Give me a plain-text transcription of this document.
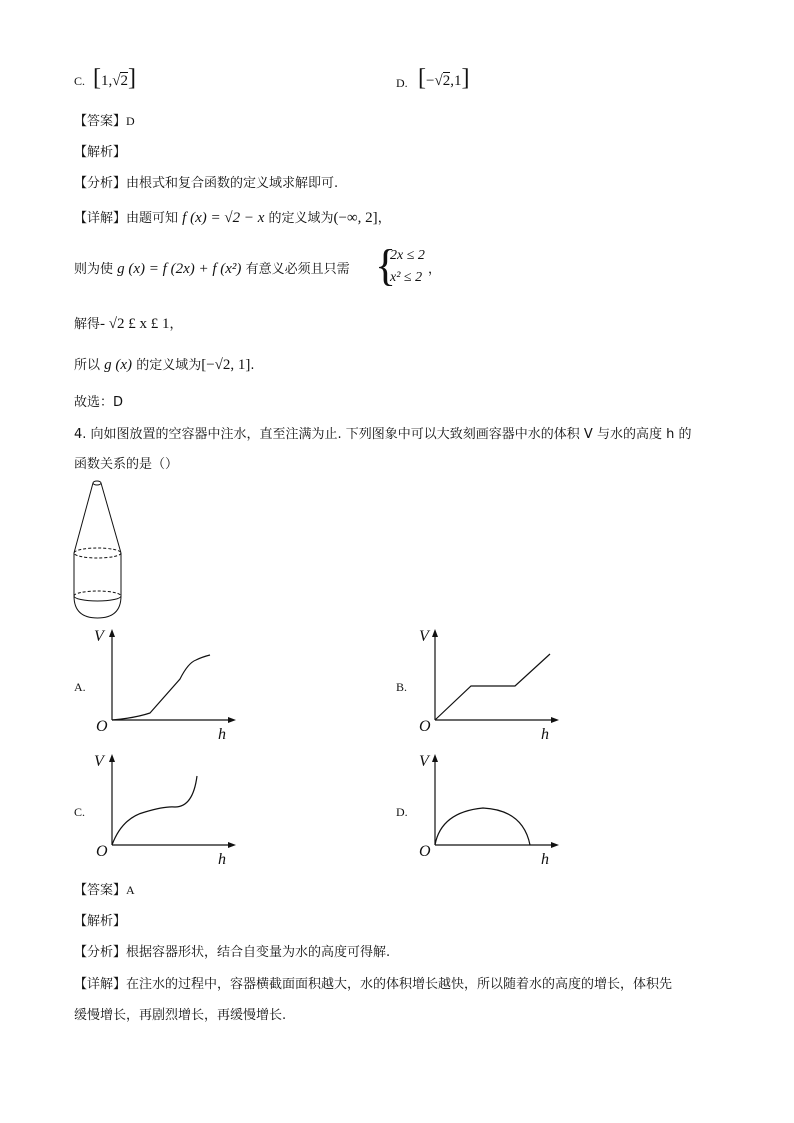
C. [1,√2]	D. [−√2,1]
【答案】D
【解析】
【分析】由根式和复合函数的定义域求解即可.
【详解】由题可知 f (x) = √2 − x 的定义域为(−∞, 2]，
则为使 g (x) = f (2x) + f (x²) 有意义必须且只需 {
2x ≤ 2
x² ≤ 2
，
解得- √2 £ x £ 1，
所以 g (x) 的定义域为[−√2, 1].
故选：D
4. 向如图放置的空容器中注水，直至注满为止. 下列图象中可以大致刻画容器中水的体积 V 与水的高度 h 的
函数关系的是（）
A.
V
O	h
B.
V
O	h
C.
V
O	h
D.
V
O	h
【答案】A
【解析】
【分析】根据容器形状，结合自变量为水的高度可得解.
【详解】在注水的过程中，容器横截面面积越大，水的体积增长越快，所以随着水的高度的增长，体积先
缓慢增长，再剧烈增长，再缓慢增长.
